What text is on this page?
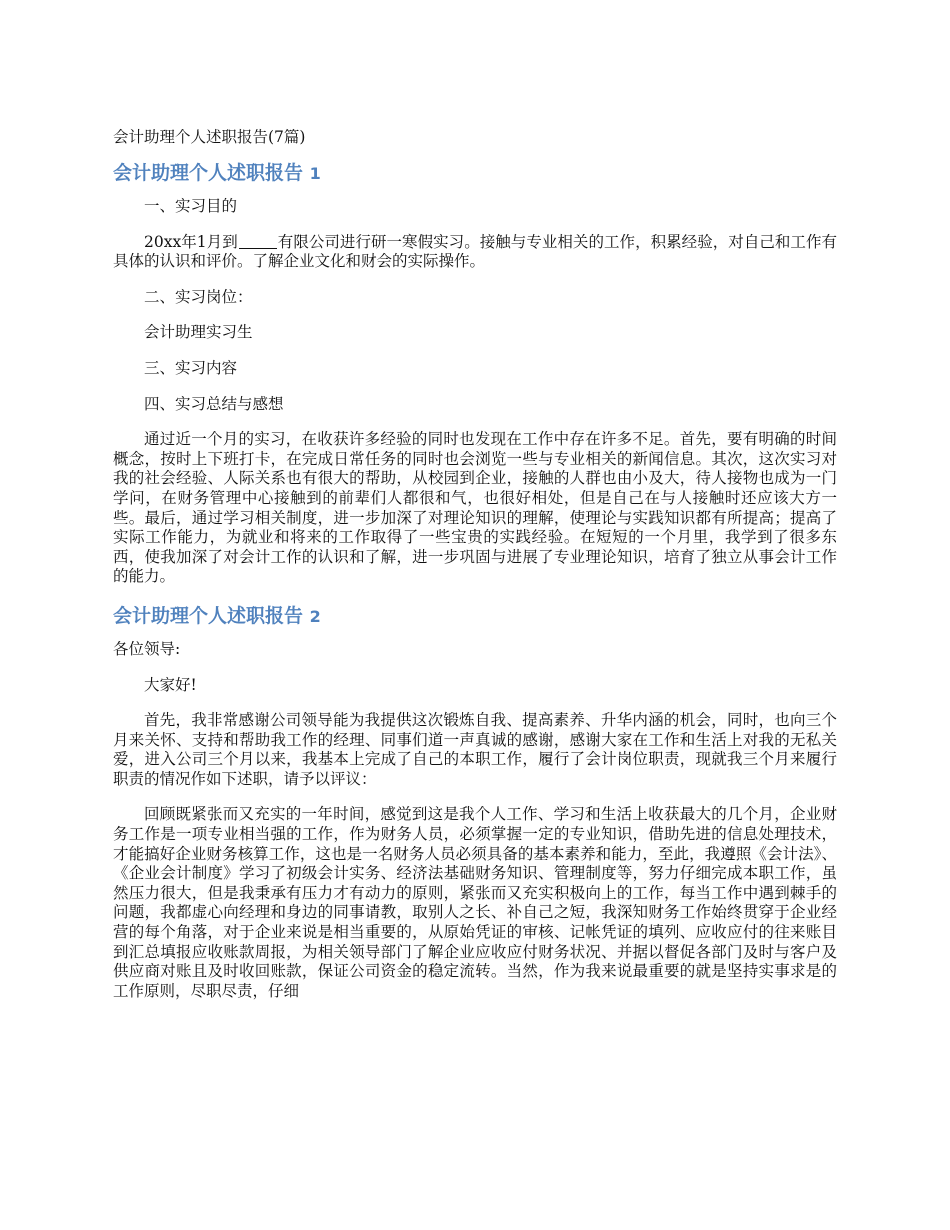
会计助理个人述职报告(7篇)
会计助理个人述职报告 1

一、实习目的

20xx年1月到	有限公司进行研一寒假实习。接触与专业相关的工作，积累经验，对自己和工作有具体的认识和评价。了解企业文化和财会的实际操作。

二、实习岗位：

会计助理实习生

三、实习内容

四、实习总结与感想

通过近一个月的实习，在收获许多经验的同时也发现在工作中存在许多不足。首先，要有明确的时间概念，按时上下班打卡，在完成日常任务的同时也会浏览一些与专业相关的新闻信息。其次，这次实习对我的社会经验、人际关系也有很大的帮助，从校园到企业，接触的人群也由小及大，待人接物也成为一门学问，在财务管理中心接触到的前辈们人都很和气，也很好相处，但是自己在与人接触时还应该大方一些。最后，通过学习相关制度，进一步加深了对理论知识的理解，使理论与实践知识都有所提高；提高了实际工作能力，为就业和将来的工作取得了一些宝贵的实践经验。在短短的一个月里，我学到了很多东西，使我加深了对会计工作的认识和了解，进一步巩固与进展了专业理论知识，培育了独立从事会计工作的能力。

会计助理个人述职报告 2

各位领导:

大家好!

首先，我非常感谢公司领导能为我提供这次锻炼自我、提高素养、升华内涵的机会，同时，也向三个月来关怀、支持和帮助我工作的经理、同事们道一声真诚的感谢，感谢大家在工作和生活上对我的无私关爱，进入公司三个月以来，我基本上完成了自己的本职工作，履行了会计岗位职责，现就我三个月来履行职责的情况作如下述职，请予以评议：

回顾既紧张而又充实的一年时间，感觉到这是我个人工作、学习和生活上收获最大的几个月，企业财务工作是一项专业相当强的工作，作为财务人员，必须掌握一定的专业知识，借助先进的信息处理技术，才能搞好企业财务核算工作，这也是一名财务人员必须具备的基本素养和能力，至此，我遵照《会计法》、《企业会计制度》学习了初级会计实务、经济法基础财务知识、管理制度等，努力仔细完成本职工作，虽然压力很大，但是我秉承有压力才有动力的原则，紧张而又充实积极向上的工作，每当工作中遇到棘手的问题，我都虚心向经理和身边的同事请教，取别人之长、补自己之短，我深知财务工作始终贯穿于企业经营的每个角落，对于企业来说是相当重要的，从原始凭证的审核、记帐凭证的填列、应收应付的往来账目到汇总填报应收账款周报，为相关领导部门了解企业应收应付财务状况、并据以督促各部门及时与客户及供应商对账且及时收回账款，保证公司资金的稳定流转。当然，作为我来说最重要的就是坚持实事求是的工作原则，尽职尽责，仔细
